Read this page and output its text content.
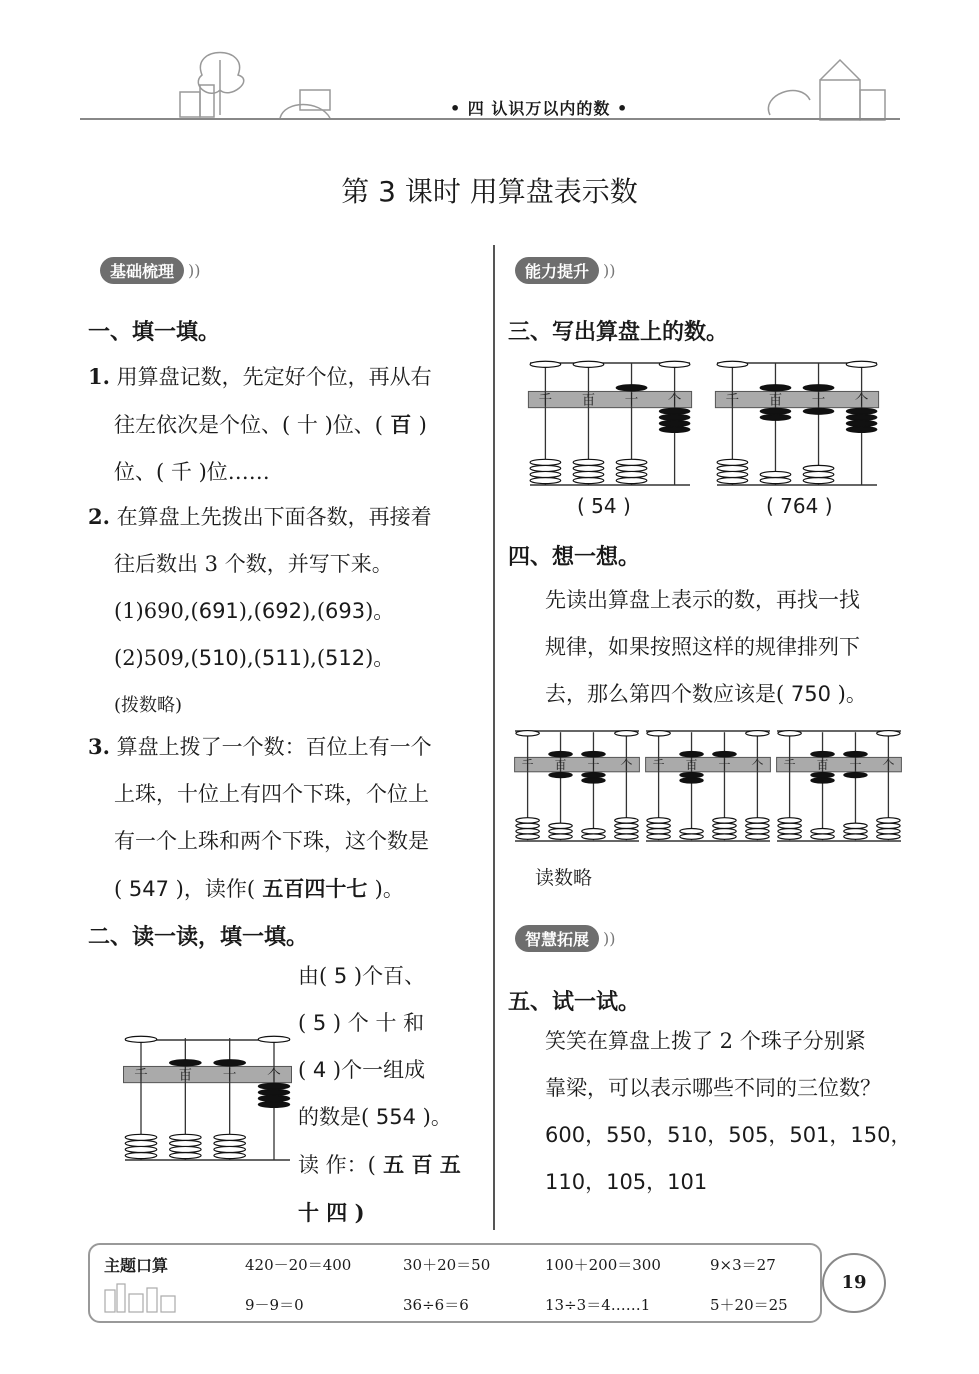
• 四 认识万以内的数 •
第 3 课时 用算盘表示数
基础梳理 ))
一、填一填。
1. 用算盘记数，先定好个位，再从右
往左依次是个位、( 十 )位、( 百 )
位、( 千 )位……
2. 在算盘上先拨出下面各数，再接着
往后数出 3 个数，并写下来。
(1)690,(691),(692),(693)。
(2)509,(510),(511),(512)。
(拨数略)
3. 算盘上拨了一个数：百位上有一个
上珠，十位上有四个下珠，个位上
有一个上珠和两个下珠，这个数是
( 547 )，读作( 五百四十七 )。
二、读一读，填一填。
千 百 十 个
由( 5 )个百、
( 5 ) 个 十 和
( 4 )个一组成
的数是( 554 )。
读 作：( 五 百 五
十 四 )
能力提升 ))
三、写出算盘上的数。
千 百 十 个	千 百 十 个
( 54 )	( 764 )
四、想一想。
先读出算盘上表示的数，再找一找
规律，如果按照这样的规律排列下
去，那么第四个数应该是( 750 )。
千 百 十 个 千 百 十 个 千 百 十 个
读数略
智慧拓展 ))
五、试一试。
笑笑在算盘上拨了 2 个珠子分别紧
靠梁，可以表示哪些不同的三位数？
600，550，510，505，501，150，
110，105，101
主题口算	420－20＝400	30＋20＝50	100＋200＝300	9×3＝27
9－9＝0	36÷6＝6	13÷3＝4……1	5＋20＝25
19
